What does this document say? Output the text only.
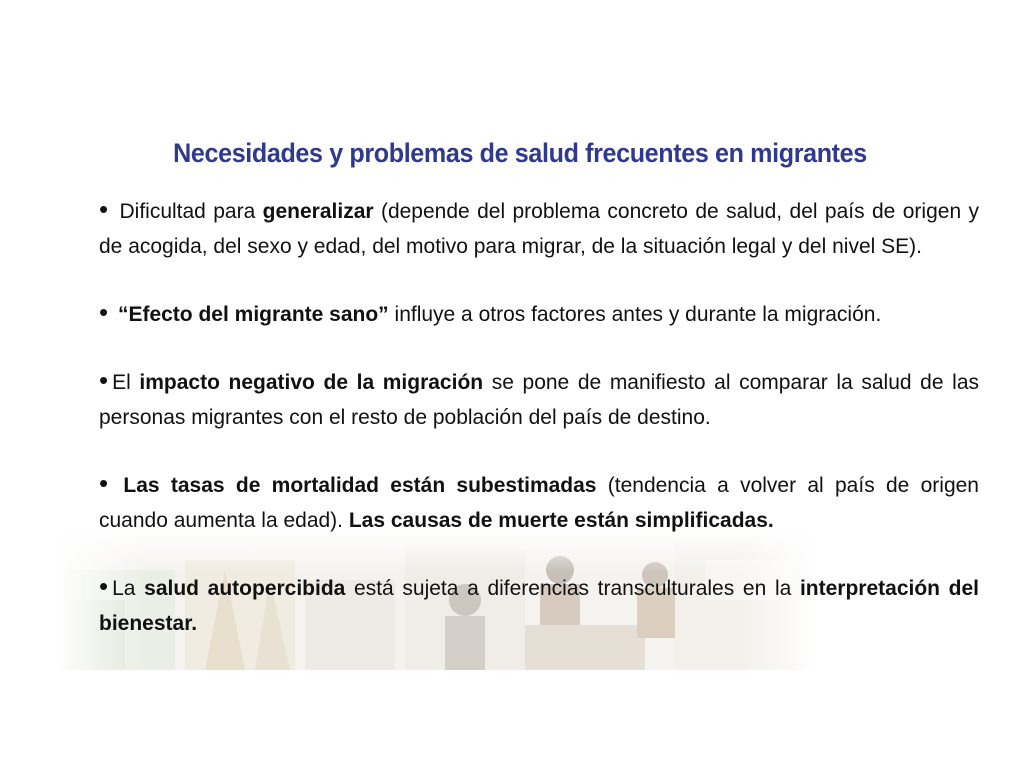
Necesidades y problemas de salud frecuentes en migrantes

• Dificultad para generalizar (depende del problema concreto de salud, del país de origen y de acogida, del sexo y edad, del motivo para migrar, de la situación legal y del nivel SE).

• “Efecto del migrante sano” influye a otros factores antes y durante la migración.

• El impacto negativo de la migración se pone de manifiesto al comparar la salud de las personas migrantes con el resto de población del país de destino.

• Las tasas de mortalidad están subestimadas (tendencia a volver al país de origen cuando aumenta la edad). Las causas de muerte están simplificadas.

• La salud autopercibida está sujeta a diferencias transculturales en la interpretación del bienestar.
